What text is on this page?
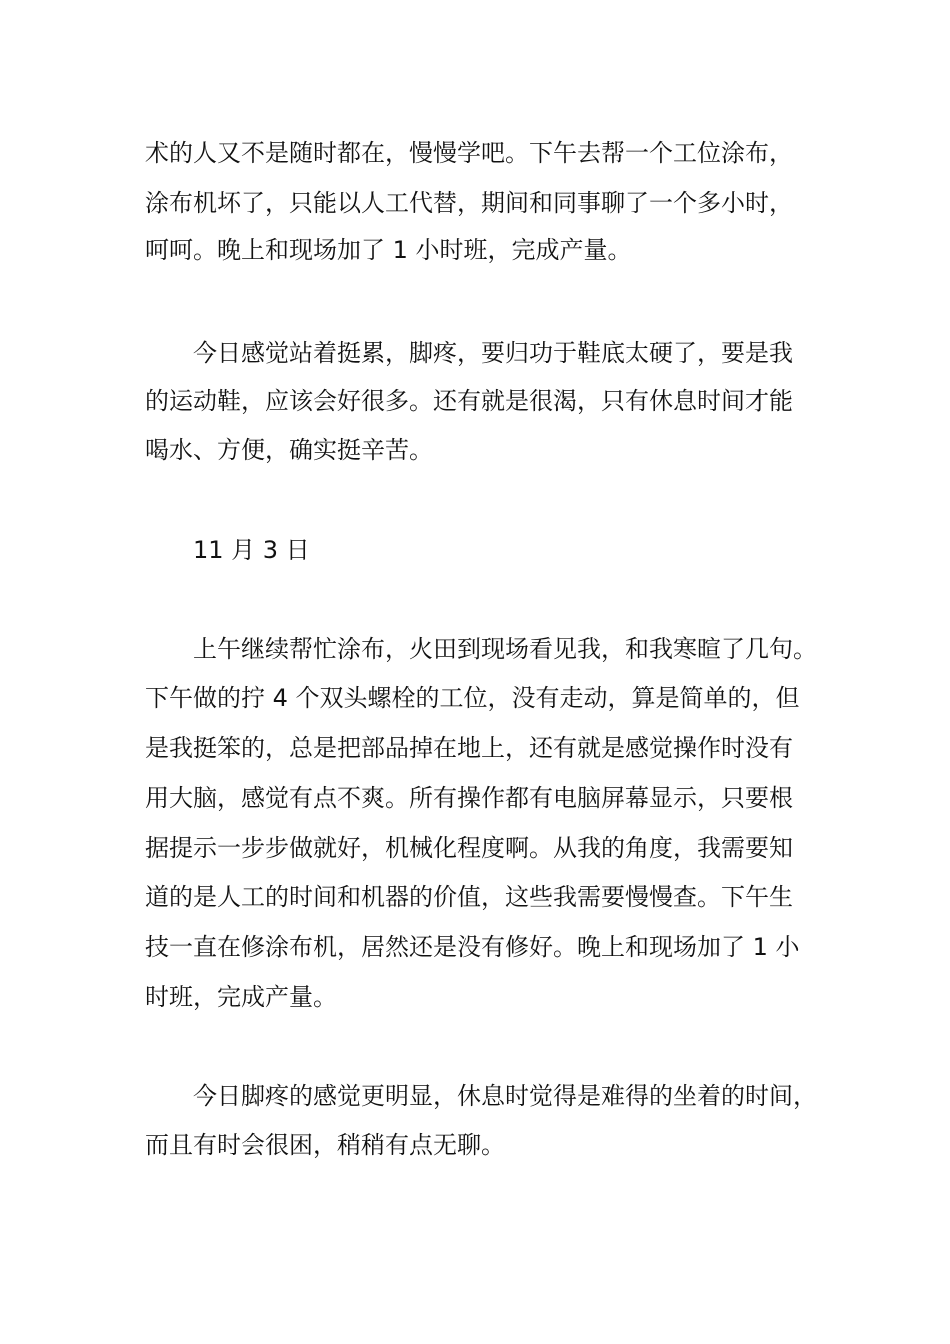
术的人又不是随时都在，慢慢学吧。下午去帮一个工位涂布，

涂布机坏了，只能以人工代替，期间和同事聊了一个多小时，

呵呵。晚上和现场加了 1 小时班，完成产量。

今日感觉站着挺累，脚疼，要归功于鞋底太硬了，要是我

的运动鞋，应该会好很多。还有就是很渴，只有休息时间才能

喝水、方便，确实挺辛苦。

11 月 3 日

上午继续帮忙涂布，火田到现场看见我，和我寒暄了几句。

下午做的拧 4 个双头螺栓的工位，没有走动，算是简单的，但

是我挺笨的，总是把部品掉在地上，还有就是感觉操作时没有

用大脑，感觉有点不爽。所有操作都有电脑屏幕显示，只要根

据提示一步步做就好，机械化程度啊。从我的角度，我需要知

道的是人工的时间和机器的价值，这些我需要慢慢查。下午生

技一直在修涂布机，居然还是没有修好。晚上和现场加了 1 小

时班，完成产量。

今日脚疼的感觉更明显，休息时觉得是难得的坐着的时间，

而且有时会很困，稍稍有点无聊。
